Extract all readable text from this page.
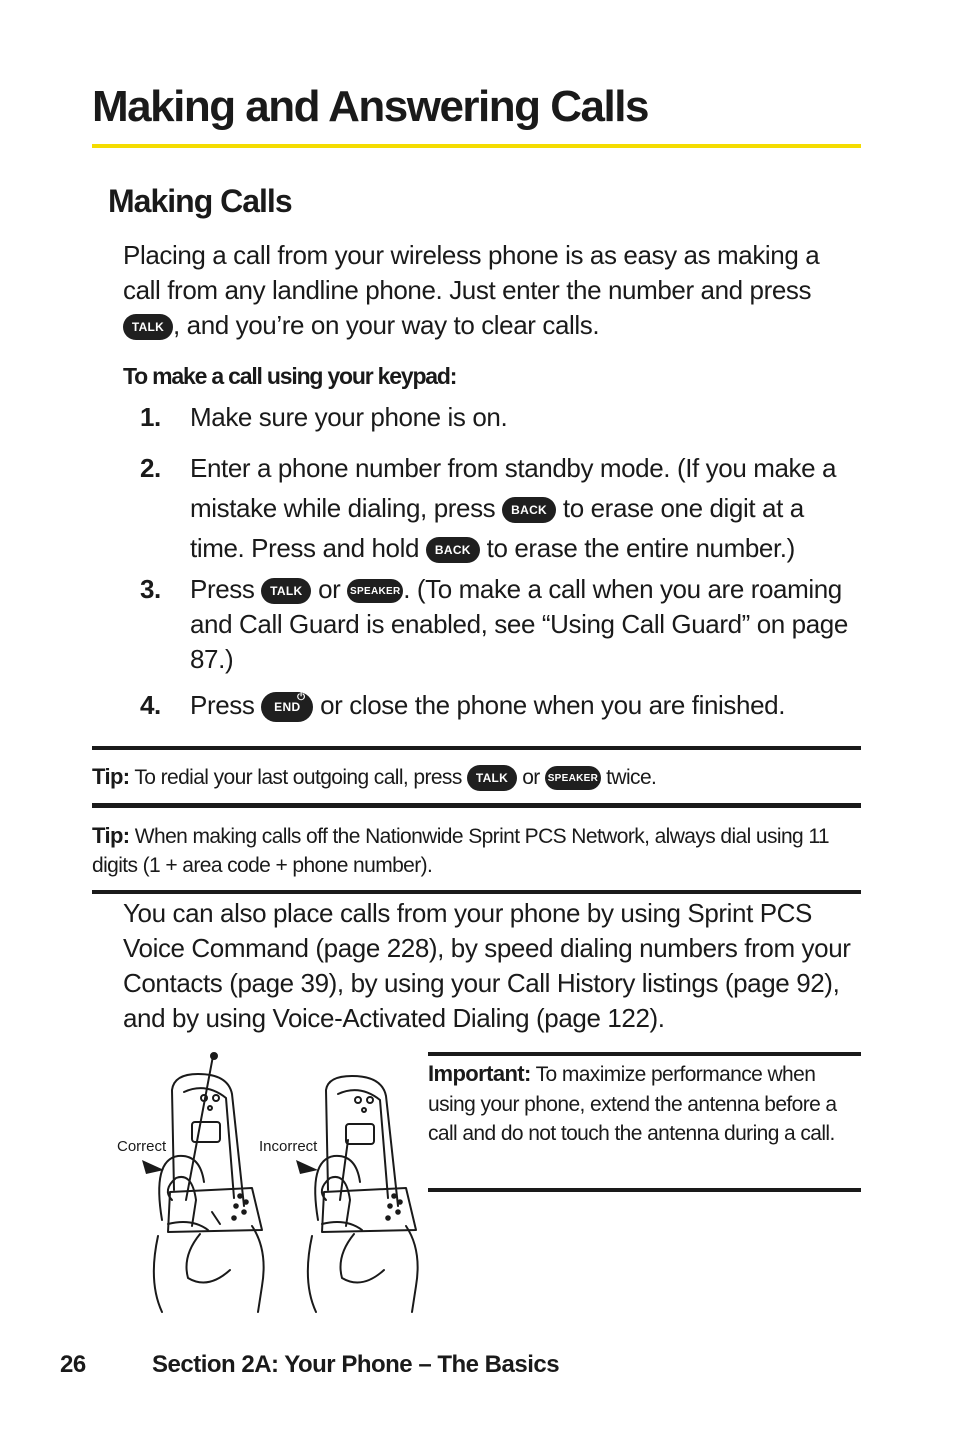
Making and Answering Calls
Making Calls

Placing a call from your wireless phone is as easy as making a call from any landline phone. Just enter the number and press TALK , and you’re on your way to clear calls.

To make a call using your keypad:
1. Make sure your phone is on.
2. Enter a phone number from standby mode. (If you make a mistake while dialing, press BACK to erase one digit at a time. Press and hold BACK to erase the entire number.)
3. Press TALK or SPEAKER . (To make a call when you are roaming and Call Guard is enabled, see “Using Call Guard” on page 87.)
4. Press END
⏻ or close the phone when you are finished.

Tip: To redial your last outgoing call, press TALK or SPEAKER twice.

Tip: When making calls off the Nationwide Sprint PCS Network, always dial using 11 digits (1 + area code + phone number).

You can also place calls from your phone by using Sprint PCS Voice Command (page 228), by speed dialing numbers from your Contacts (page 39), by using your Call History listings (page 92), and by using Voice-Activated Dialing (page 122).

Correct	Incorrect

Important: To maximize performance when using your phone, extend the antenna before a call and do not touch the antenna during a call.

26	Section 2A: Your Phone – The Basics
